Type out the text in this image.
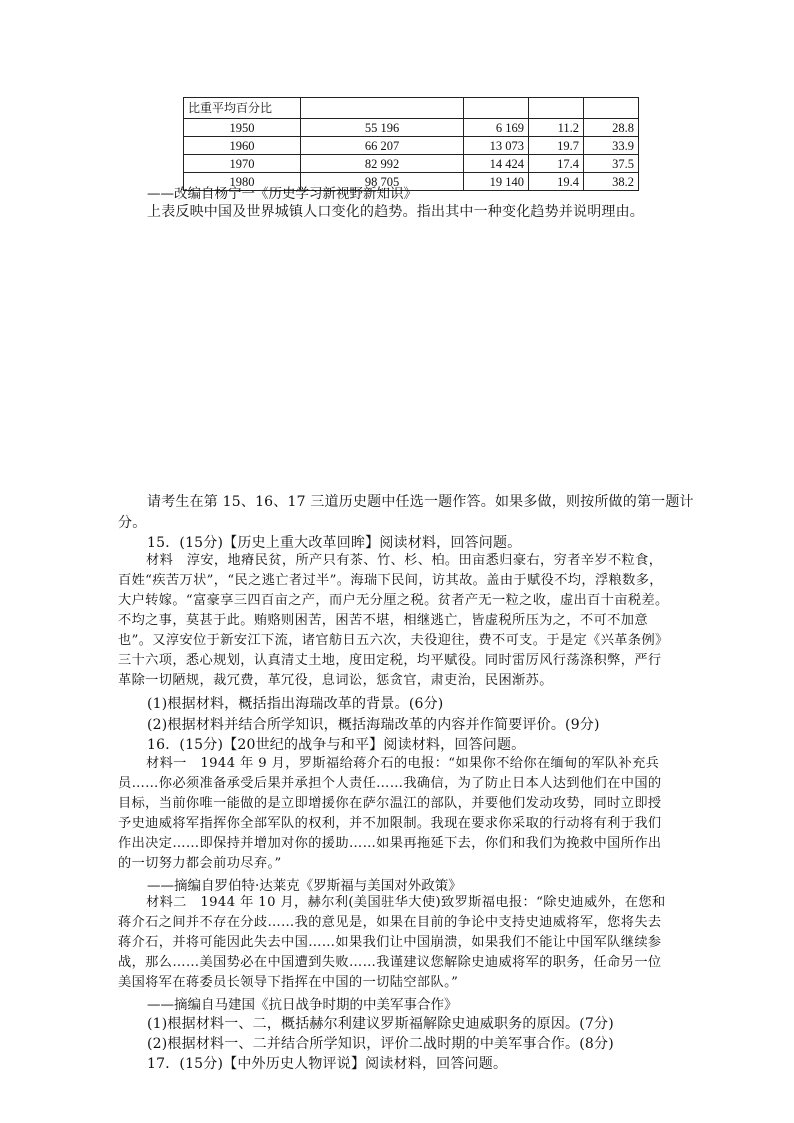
比重平均百分比				
1950	55 196	6 169	11.2	28.8
1960	66 207	13 073	19.7	33.9
1970	82 992	14 424	17.4	37.5
1980	98 705	19 140	19.4	38.2
——改编自杨宁一《历史学习新视野新知识》
上表反映中国及世界城镇人口变化的趋势。指出其中一种变化趋势并说明理由。
请考生在第 15、16、17 三道历史题中任选一题作答。如果多做，则按所做的第一题计
分。
15．(15分)【历史上重大改革回眸】阅读材料，回答问题。
材料　淳安，地瘠民贫，所产只有茶、竹、杉、柏。田亩悉归豪右，穷者辛岁不粒食，
百姓“疾苦万状”，“民之逃亡者过半”。海瑞下民间，访其故。盖由于赋役不均，浮粮数多，
大户转嫁。“富豪享三四百亩之产，而户无分厘之税。贫者产无一粒之收，虚出百十亩税差。
不均之事，莫甚于此。贿赂则困苦，困苦不堪，相继逃亡，皆虚税所压为之，不可不加意
也”。又淳安位于新安江下流，诸官舫日五六次，夫役迎往，费不可支。于是定《兴革条例》
三十六项，悉心规划，认真清丈土地，度田定税，均平赋役。同时雷厉风行荡涤积弊，严行
革除一切陋规，裁冗费，革冗役，息词讼，惩贪官，肃吏治，民困渐苏。
(1)根据材料，概括指出海瑞改革的背景。(6分)
(2)根据材料并结合所学知识，概括海瑞改革的内容并作简要评价。(9分)
16．(15分)【20世纪的战争与和平】阅读材料，回答问题。
材料一　1944 年 9 月，罗斯福给蒋介石的电报：“如果你不给你在缅甸的军队补充兵
员……你必须准备承受后果并承担个人责任……我确信，为了防止日本人达到他们在中国的
目标，当前你唯一能做的是立即增援你在萨尔温江的部队，并要他们发动攻势，同时立即授
予史迪威将军指挥你全部军队的权利，并不加限制。我现在要求你采取的行动将有利于我们
作出决定……即保持并增加对你的援助……如果再拖延下去，你们和我们为挽救中国所作出
的一切努力都会前功尽弃。”
——摘编自罗伯特·达莱克《罗斯福与美国对外政策》
材料二　1944 年 10 月，赫尔利(美国驻华大使)致罗斯福电报：“除史迪威外，在您和
蒋介石之间并不存在分歧……我的意见是，如果在目前的争论中支持史迪威将军，您将失去
蒋介石，并将可能因此失去中国……如果我们让中国崩溃，如果我们不能让中国军队继续参
战，那么……美国势必在中国遭到失败……我谨建议您解除史迪威将军的职务，任命另一位
美国将军在蒋委员长领导下指挥在中国的一切陆空部队。”
——摘编自马建国《抗日战争时期的中美军事合作》
(1)根据材料一、二，概括赫尔利建议罗斯福解除史迪威职务的原因。(7分)
(2)根据材料一、二并结合所学知识，评价二战时期的中美军事合作。(8分)
17．(15分)【中外历史人物评说】阅读材料，回答问题。
